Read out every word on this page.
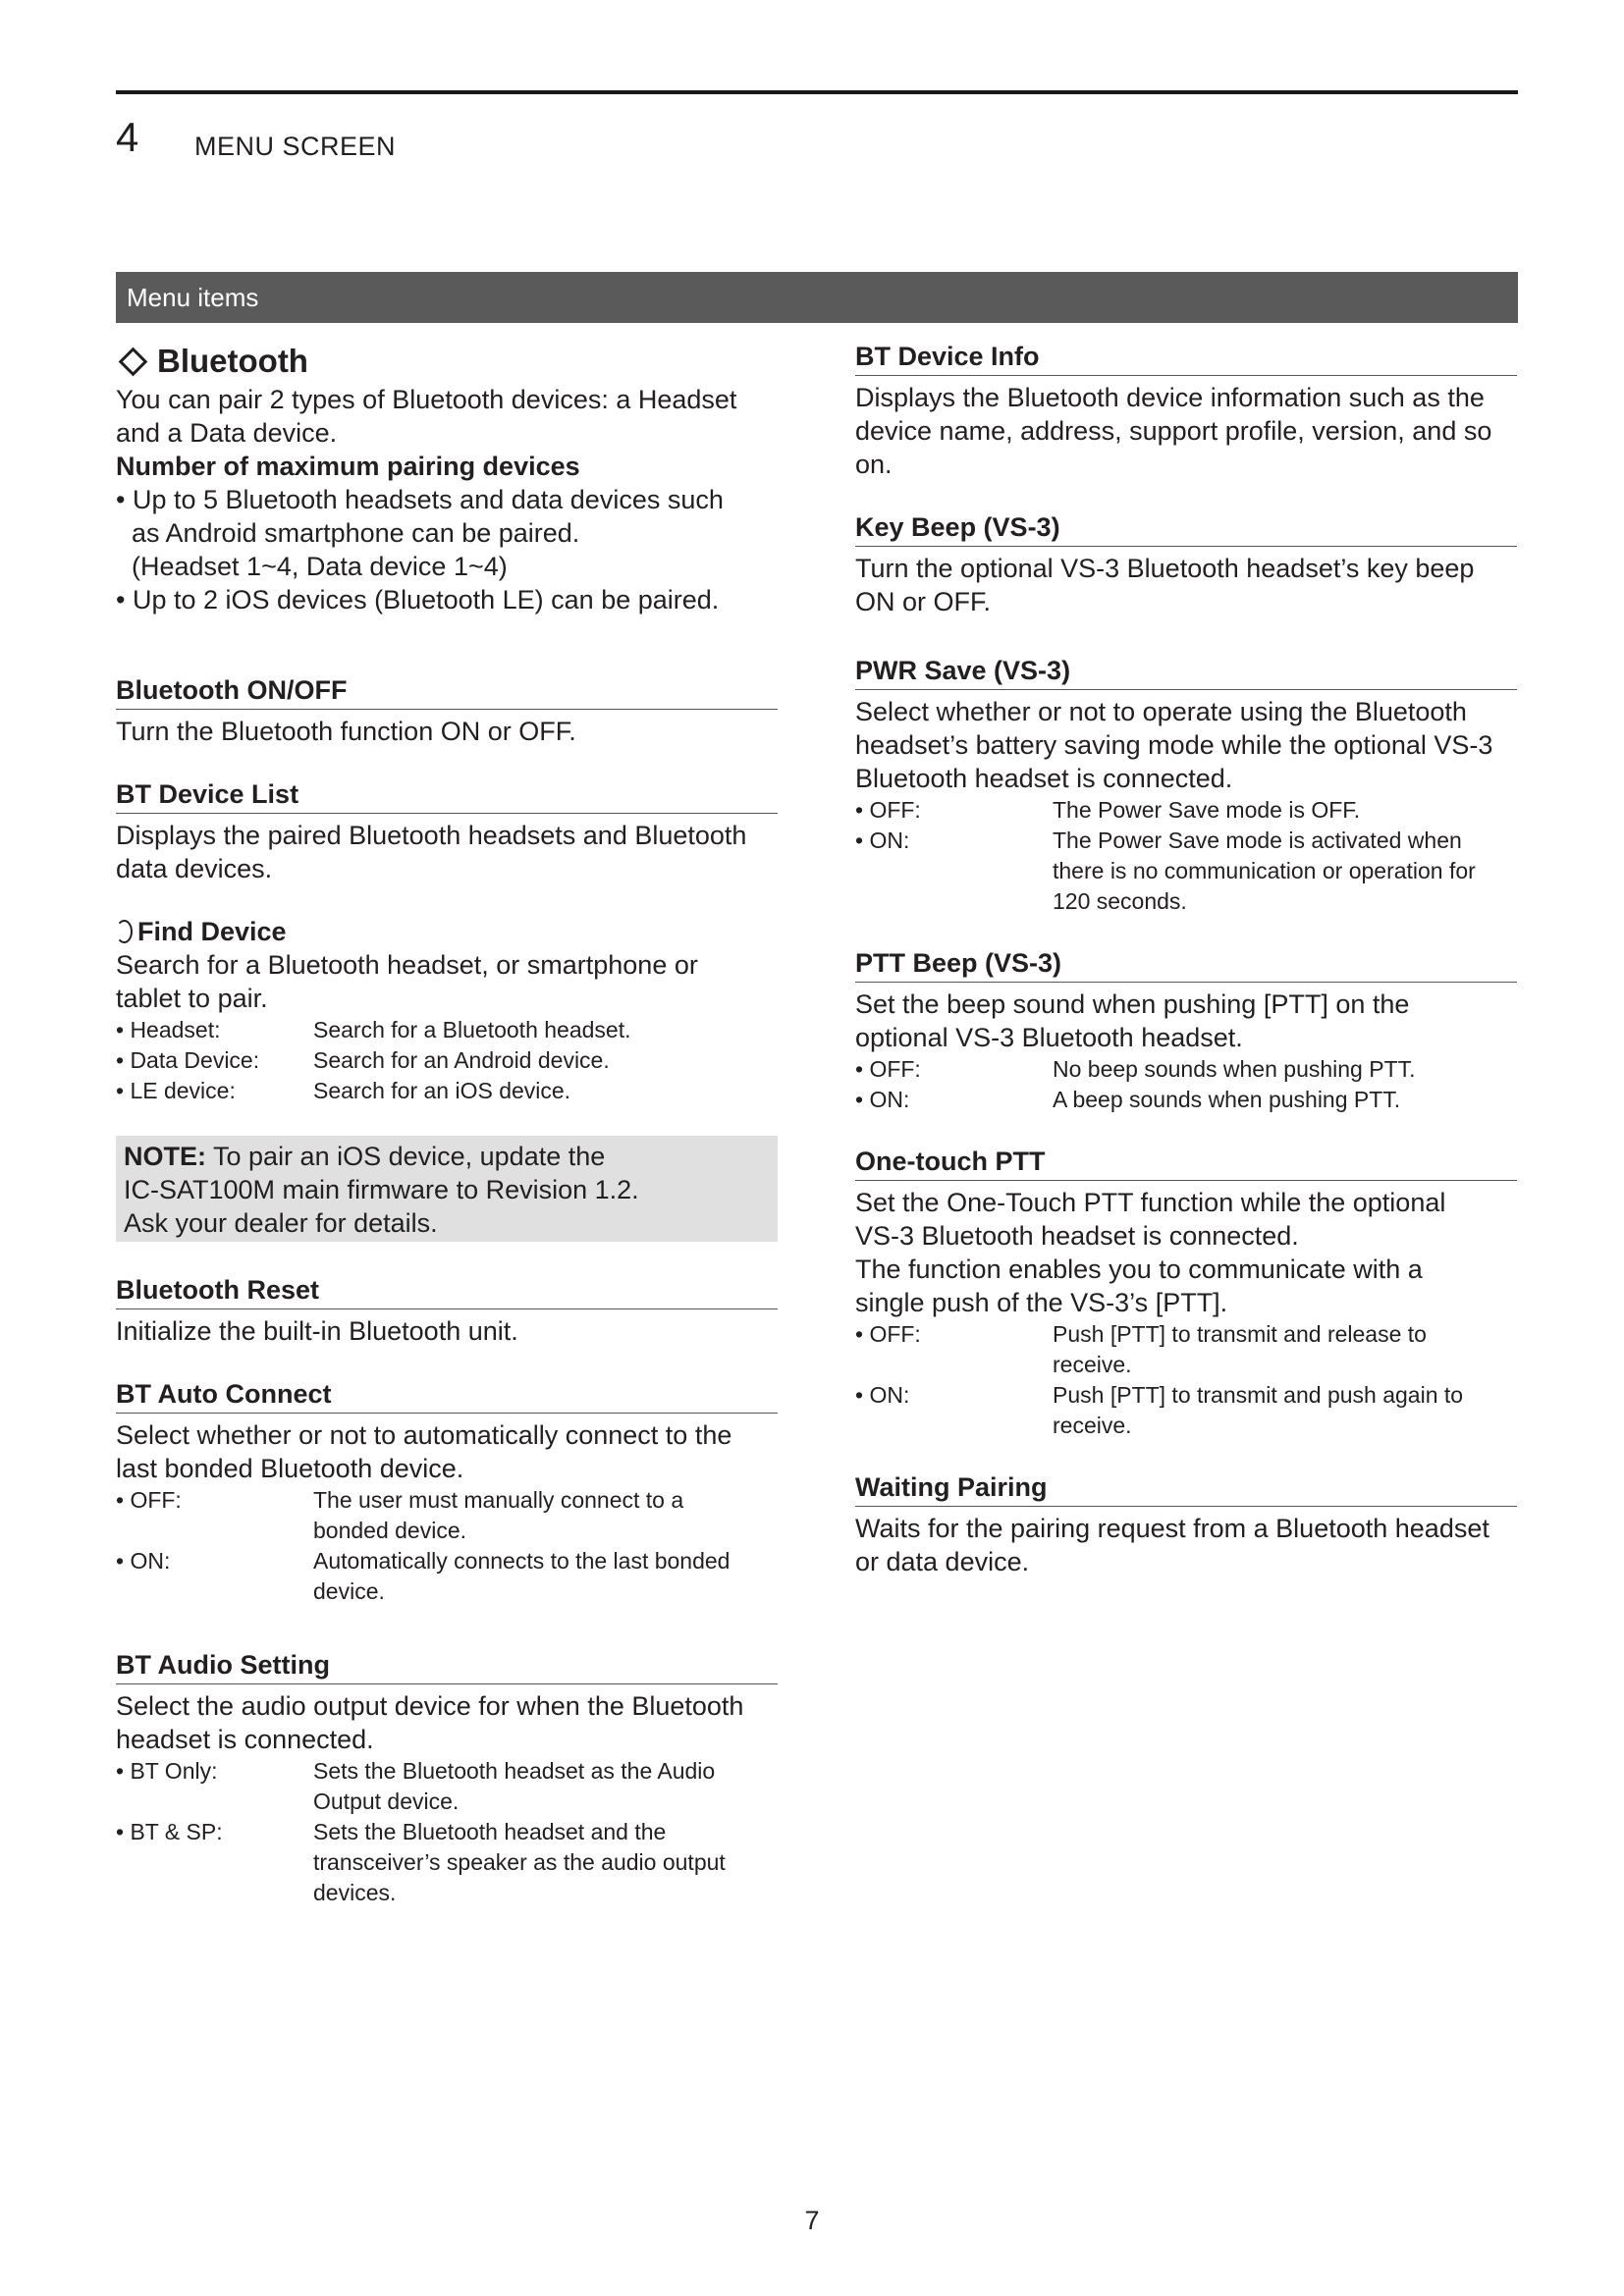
4 MENU SCREEN
Menu items
Bluetooth

You can pair 2 types of Bluetooth devices: a Headset

and a Data device.

Number of maximum pairing devices

• Up to 5 Bluetooth headsets and data devices such

as Android smartphone can be paired.

(Headset 1~4, Data device 1~4)

• Up to 2 iOS devices (Bluetooth LE) can be paired.

Bluetooth ON/OFF

Turn the Bluetooth function ON or OFF.

BT Device List

Displays the paired Bluetooth headsets and Bluetooth

data devices.

Find Device

Search for a Bluetooth headset, or smartphone or

tablet to pair.

• Headset:	Search for a Bluetooth headset.
• Data Device:	Search for an Android device.
• LE device:	Search for an iOS device.

NOTE: To pair an iOS device, update the

IC-SAT100M main firmware to Revision 1.2.

Ask your dealer for details.

Bluetooth Reset

Initialize the built-in Bluetooth unit.

BT Auto Connect

Select whether or not to automatically connect to the

last bonded Bluetooth device.

• OFF:	The user must manually connect to a
bonded device.
• ON:	Automatically connects to the last bonded
device.
BT Audio Setting

Select the audio output device for when the Bluetooth

headset is connected.

• BT Only:	Sets the Bluetooth headset as the Audio
Output device.
• BT & SP:	Sets the Bluetooth headset and the
transceiver’s speaker as the audio output
devices.
BT Device Info

Displays the Bluetooth device information such as the

device name, address, support profile, version, and so

on.

Key Beep (VS-3)

Turn the optional VS-3 Bluetooth headset’s key beep

ON or OFF.

PWR Save (VS-3)

Select whether or not to operate using the Bluetooth

headset’s battery saving mode while the optional VS-3

Bluetooth headset is connected.

• OFF:	The Power Save mode is OFF.
• ON:	The Power Save mode is activated when
there is no communication or operation for
120 seconds.
PTT Beep (VS-3)

Set the beep sound when pushing [PTT] on the

optional VS-3 Bluetooth headset.

• OFF:	No beep sounds when pushing PTT.
• ON:	A beep sounds when pushing PTT.
One-touch PTT

Set the One-Touch PTT function while the optional

VS-3 Bluetooth headset is connected.

The function enables you to communicate with a

single push of the VS-3’s [PTT].

• OFF:	Push [PTT] to transmit and release to
receive.
• ON:	Push [PTT] to transmit and push again to
receive.
Waiting Pairing

Waits for the pairing request from a Bluetooth headset

or data device.

7
